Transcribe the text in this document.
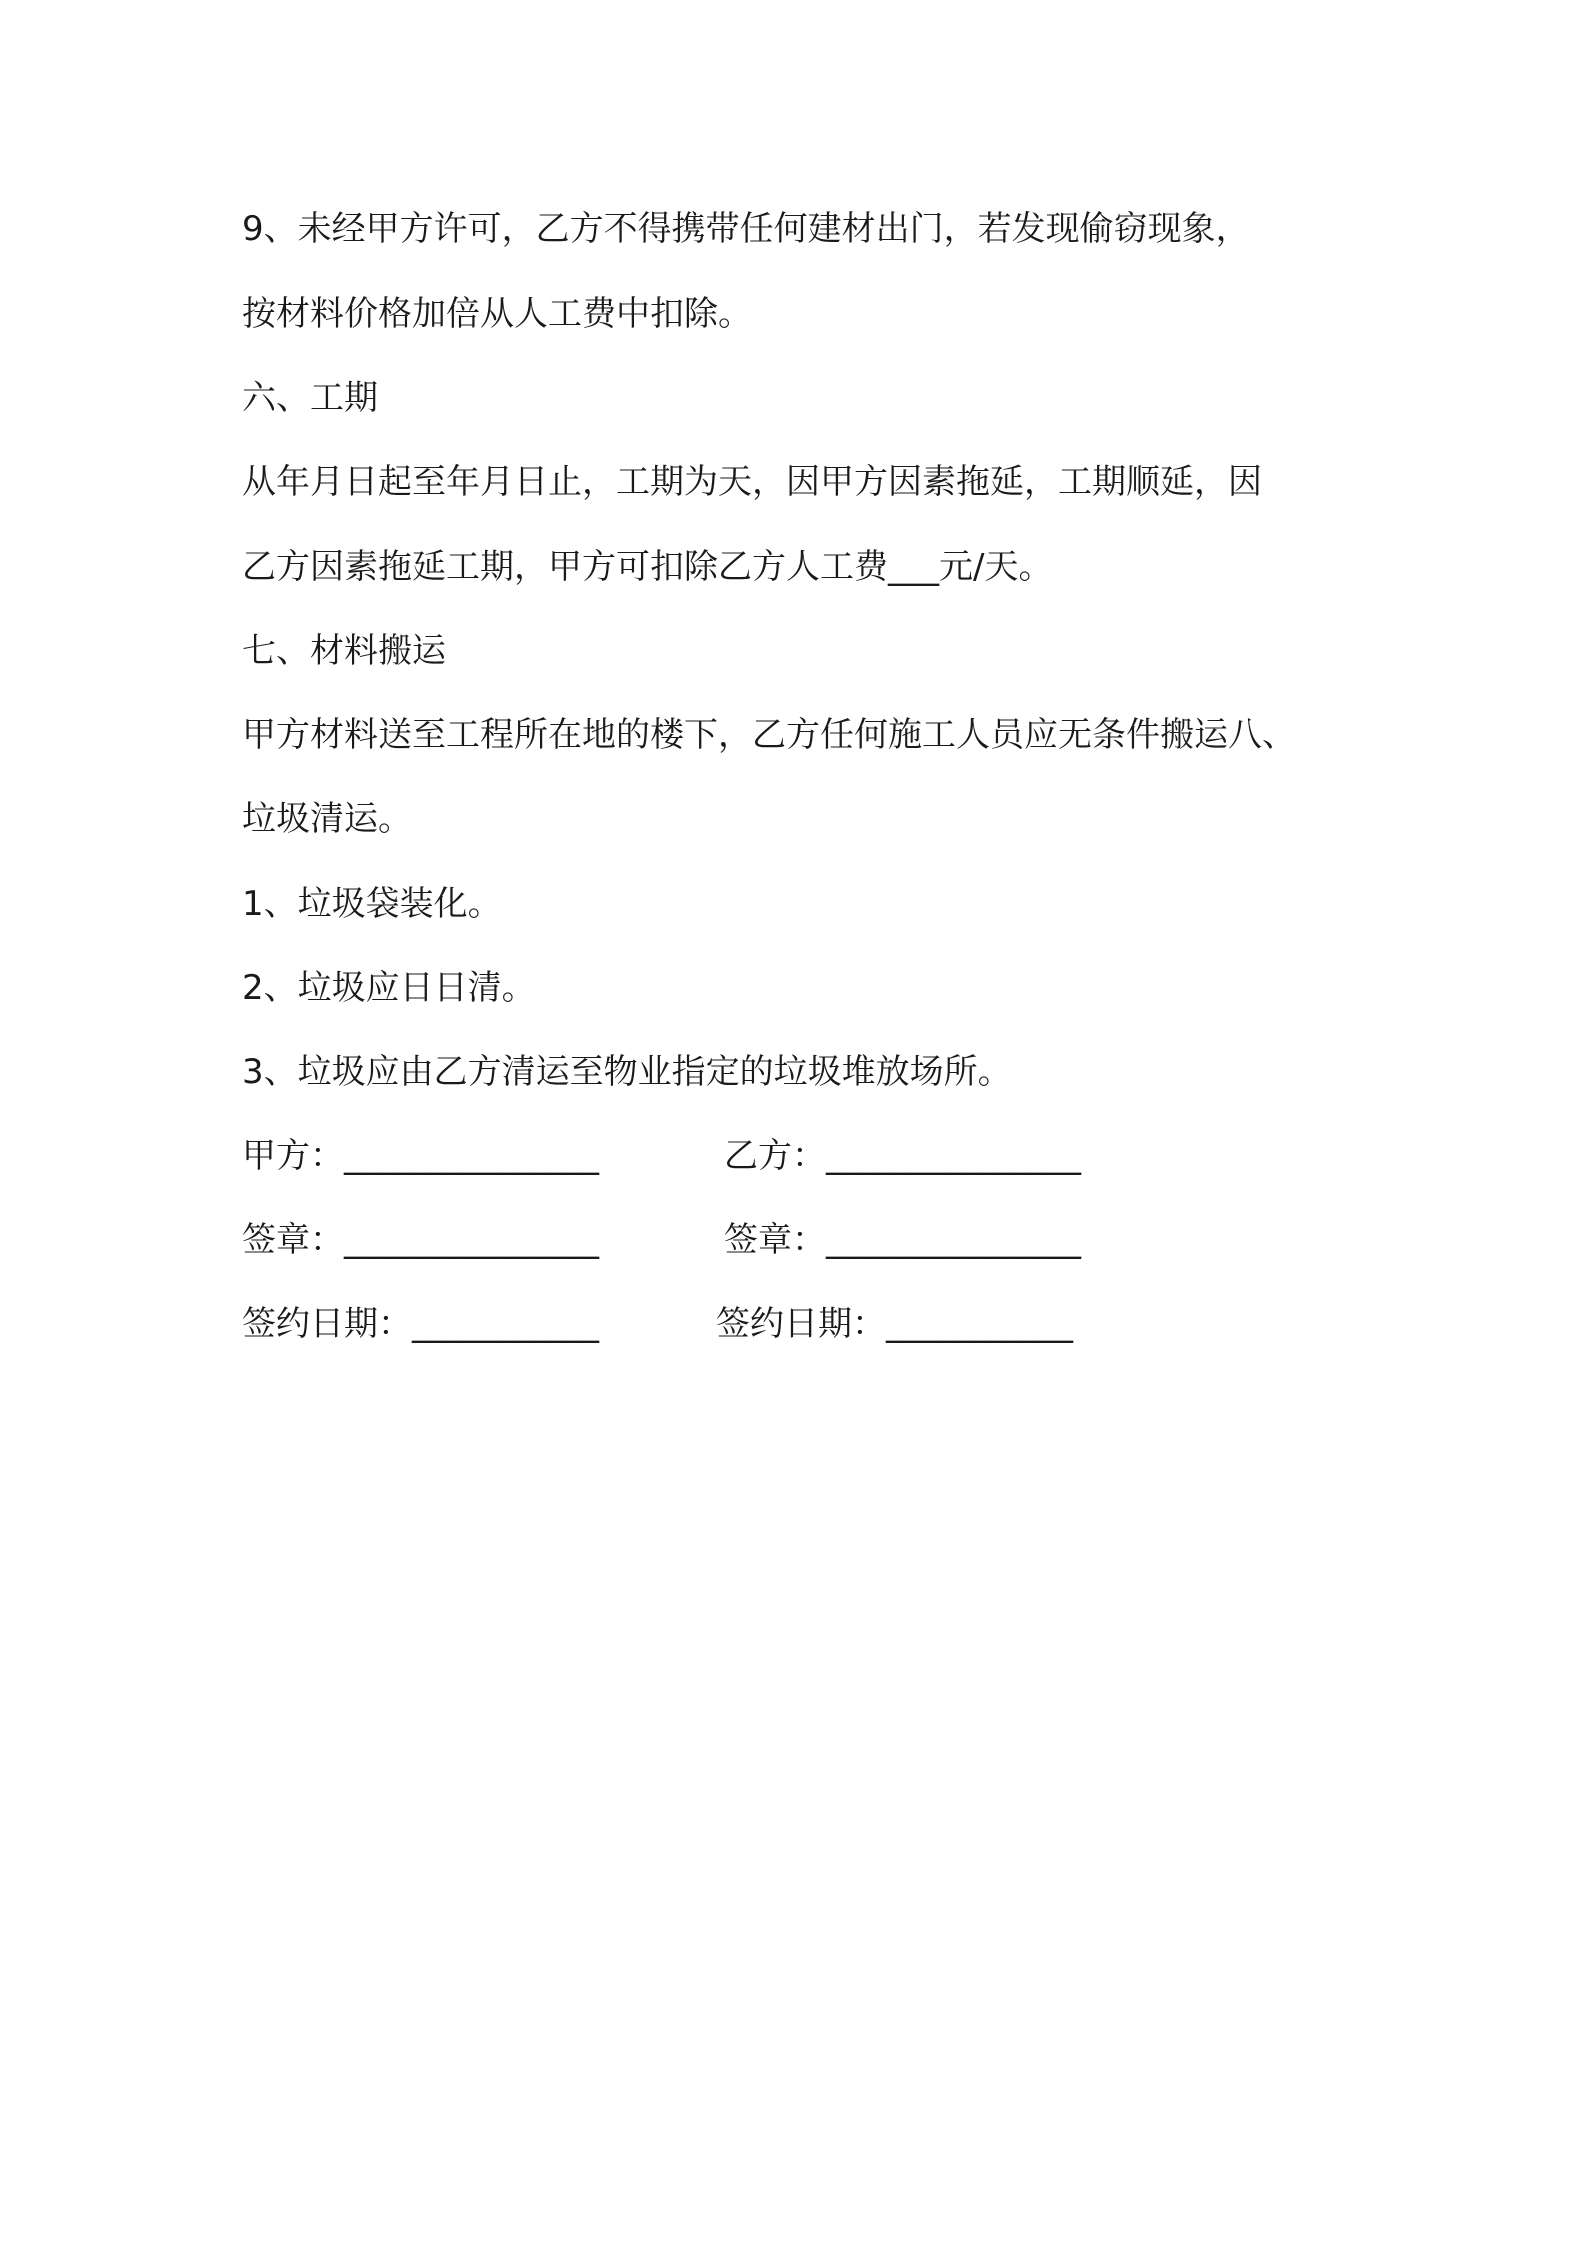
9、未经甲方许可，乙方不得携带任何建材出门，若发现偷窃现象，
按材料价格加倍从人工费中扣除。
六、工期
从年月日起至年月日止，工期为天，因甲方因素拖延，工期顺延，因
乙方因素拖延工期，甲方可扣除乙方人工费___元/天。
七、材料搬运
甲方材料送至工程所在地的楼下，乙方任何施工人员应无条件搬运八、
垃圾清运。
1、垃圾袋装化。
2、垃圾应日日清。
3、垃圾应由乙方清运至物业指定的垃圾堆放场所。
甲方：_______________	乙方：_______________
签章：_______________	签章：_______________
签约日期：___________	签约日期：___________
